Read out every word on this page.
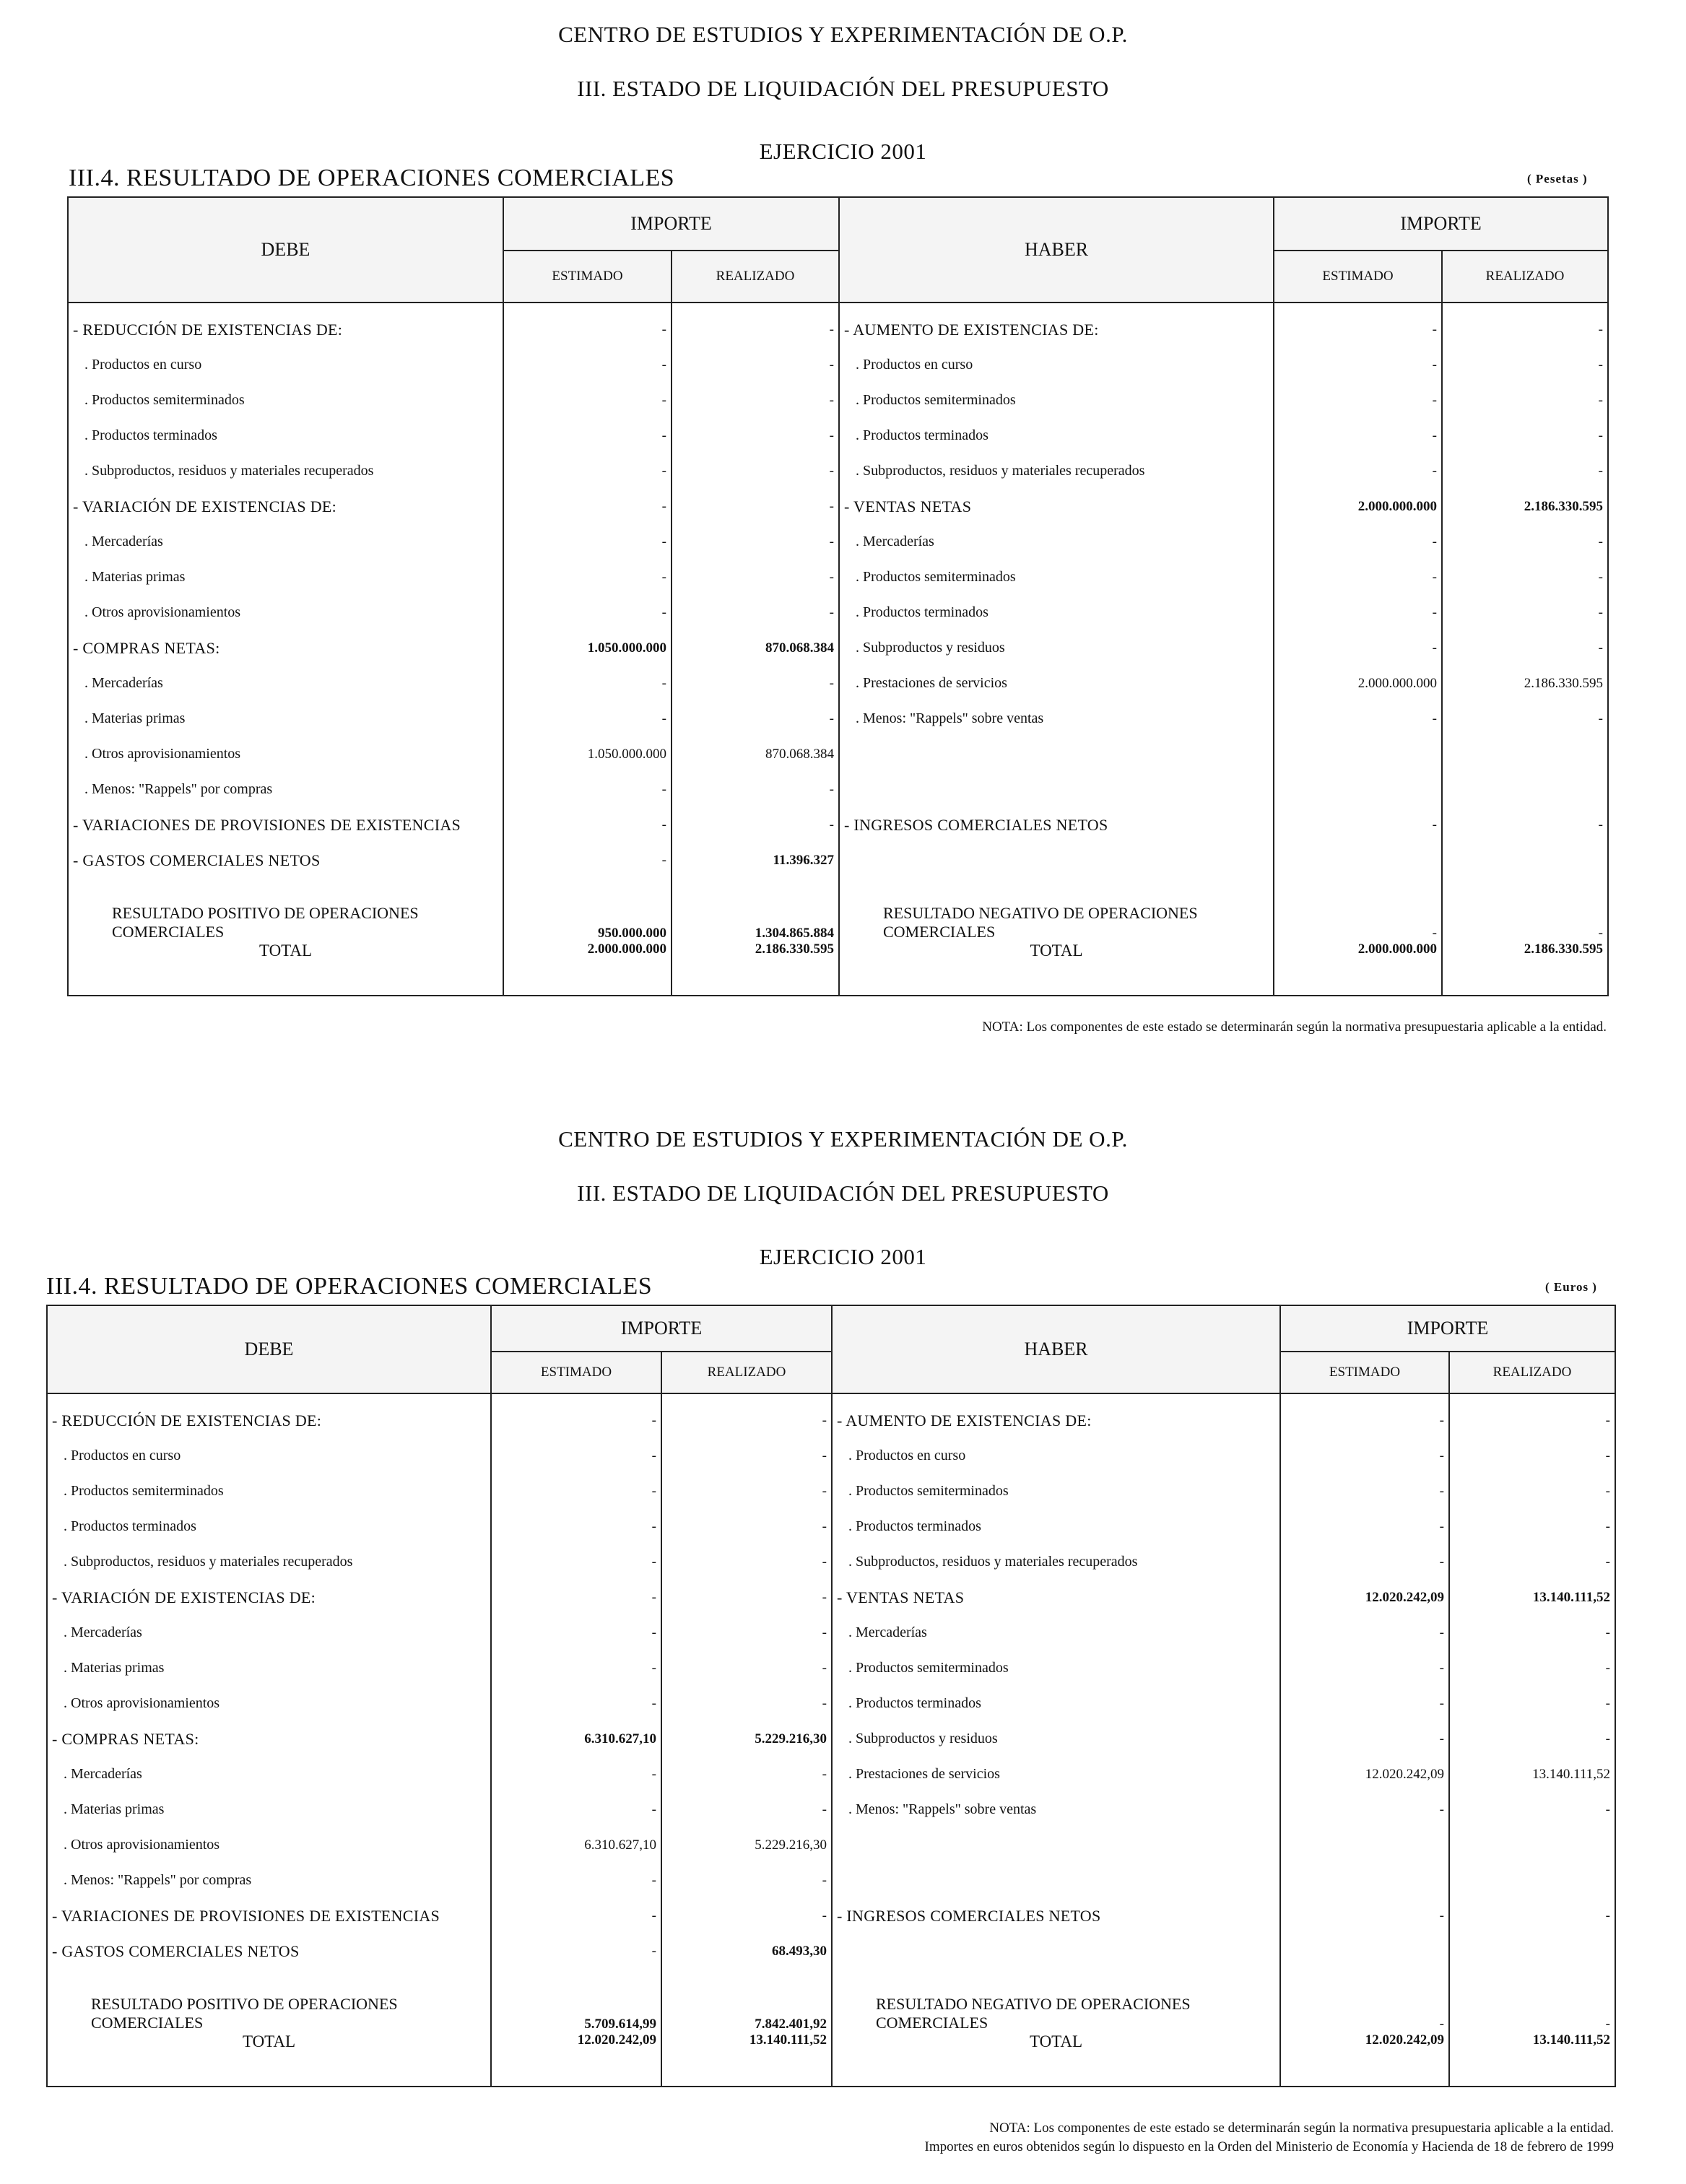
CENTRO DE ESTUDIOS Y EXPERIMENTACIÓN DE O.P.
III. ESTADO DE LIQUIDACIÓN DEL PRESUPUESTO
EJERCICIO 2001
III.4. RESULTADO DE OPERACIONES COMERCIALES	( Pesetas )
DEBE	IMPORTE		HABER	IMPORTE	
	ESTIMADO	REALIZADO		ESTIMADO	REALIZADO
- REDUCCIÓN DE EXISTENCIAS DE:	-	-	- AUMENTO DE EXISTENCIAS DE:	-	-
. Productos en curso	-	-	. Productos en curso	-	-
. Productos semiterminados	-	-	. Productos semiterminados	-	-
. Productos terminados	-	-	. Productos terminados	-	-
. Subproductos, residuos y materiales recuperados	-	-	. Subproductos, residuos y materiales recuperados	-	-
- VARIACIÓN DE EXISTENCIAS DE:	-	-	- VENTAS NETAS	2.000.000.000	2.186.330.595
. Mercaderías	-	-	. Mercaderías	-	-
. Materias primas	-	-	. Productos semiterminados	-	-
. Otros aprovisionamientos	-	-	. Productos terminados	-	-
- COMPRAS NETAS:	1.050.000.000	870.068.384	. Subproductos y residuos	-	-
. Mercaderías	-	-	. Prestaciones de servicios	2.000.000.000	2.186.330.595
. Materias primas	-	-	. Menos: "Rappels" sobre ventas	-	-
. Otros aprovisionamientos	1.050.000.000	870.068.384			
. Menos: "Rappels" por compras	-	-			
- VARIACIONES DE PROVISIONES DE EXISTENCIAS	-	-	- INGRESOS COMERCIALES NETOS	-	-
- GASTOS COMERCIALES NETOS	-	11.396.327			

RESULTADO POSITIVO DE OPERACIONES COMERCIALES	950.000.000	1.304.865.884	RESULTADO NEGATIVO DE OPERACIONES COMERCIALES	-	-
TOTAL	2.000.000.000	2.186.330.595	TOTAL	2.000.000.000	2.186.330.595

NOTA: Los componentes de este estado se determinarán según la normativa presupuestaria aplicable a la entidad.
CENTRO DE ESTUDIOS Y EXPERIMENTACIÓN DE O.P.
III. ESTADO DE LIQUIDACIÓN DEL PRESUPUESTO
EJERCICIO 2001
III.4. RESULTADO DE OPERACIONES COMERCIALES	( Euros )
DEBE	IMPORTE		HABER	IMPORTE	
	ESTIMADO	REALIZADO		ESTIMADO	REALIZADO
- REDUCCIÓN DE EXISTENCIAS DE:	-	-	- AUMENTO DE EXISTENCIAS DE:	-	-
. Productos en curso	-	-	. Productos en curso	-	-
. Productos semiterminados	-	-	. Productos semiterminados	-	-
. Productos terminados	-	-	. Productos terminados	-	-
. Subproductos, residuos y materiales recuperados	-	-	. Subproductos, residuos y materiales recuperados	-	-
- VARIACIÓN DE EXISTENCIAS DE:	-	-	- VENTAS NETAS	12.020.242,09	13.140.111,52
. Mercaderías	-	-	. Mercaderías	-	-
. Materias primas	-	-	. Productos semiterminados	-	-
. Otros aprovisionamientos	-	-	. Productos terminados	-	-
- COMPRAS NETAS:	6.310.627,10	5.229.216,30	. Subproductos y residuos	-	-
. Mercaderías	-	-	. Prestaciones de servicios	12.020.242,09	13.140.111,52
. Materias primas	-	-	. Menos: "Rappels" sobre ventas	-	-
. Otros aprovisionamientos	6.310.627,10	5.229.216,30			
. Menos: "Rappels" por compras	-	-			
- VARIACIONES DE PROVISIONES DE EXISTENCIAS	-	-	- INGRESOS COMERCIALES NETOS	-	-
- GASTOS COMERCIALES NETOS	-	68.493,30			

RESULTADO POSITIVO DE OPERACIONES COMERCIALES	5.709.614,99	7.842.401,92	RESULTADO NEGATIVO DE OPERACIONES COMERCIALES	-	-
TOTAL	12.020.242,09	13.140.111,52	TOTAL	12.020.242,09	13.140.111,52

NOTA: Los componentes de este estado se determinarán según la normativa presupuestaria aplicable a la entidad.
Importes en euros obtenidos según lo dispuesto en la Orden del Ministerio de Economía y Hacienda de 18 de febrero de 1999
